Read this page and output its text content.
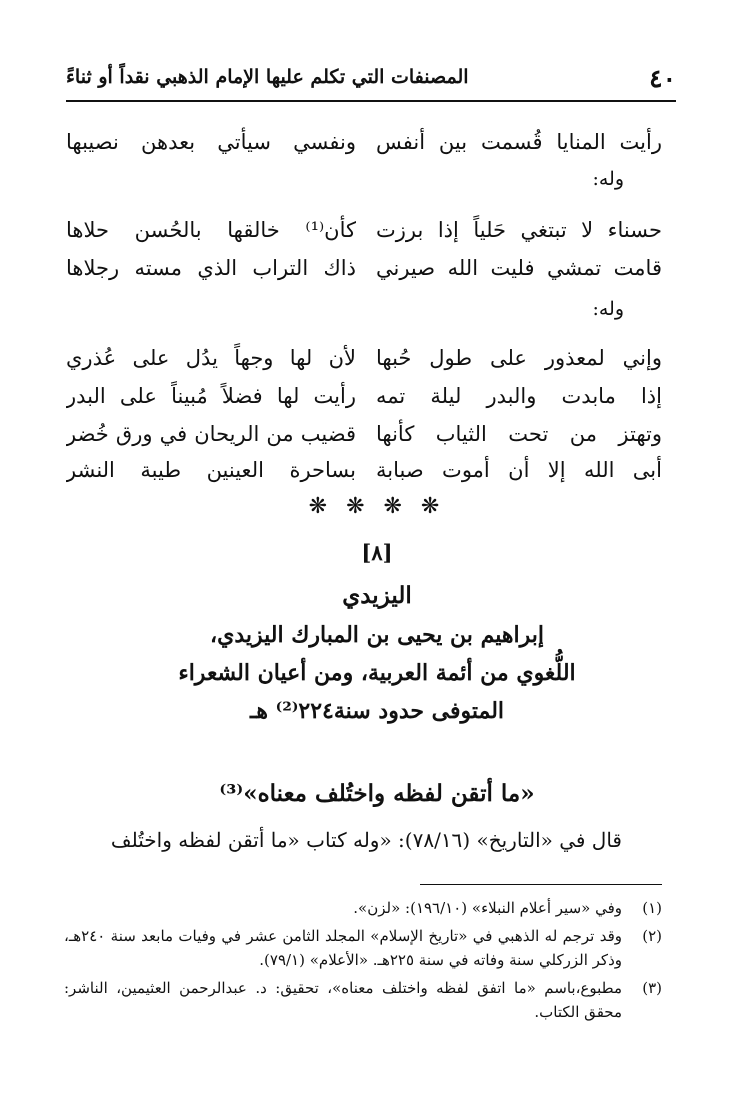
٤٠
المصنفات التي تكلم عليها الإمام الذهبي نقداً أو ثناءً
رأيت المنايا قُسمت بين أنفس
ونفسي سيأتي بعدهن نصيبها
وله:
حسناء لا تبتغي حَلياً إذا برزت
كأن⁽¹⁾ خالقها بالحُسن حلاها
قامت تمشي فليت الله صيرني
ذاك التراب الذي مسته رجلاها
وله:
وإني لمعذور على طول حُبها
لأن لها وجهاً يدُل على عُذري
إذا مابدت والبدر ليلة تمه
رأيت لها فضلاً مُبيناً على البدر
وتهتز من تحت الثياب كأنها
قضيب من الريحان في ورق خُضر
أبى الله إلا أن أموت صبابة
بساحرة العينين طيبة النشر
❋ ❋ ❋ ❋
[٨]
اليزيدي
إبراهيم بن يحيى بن المبارك اليزيدي،
اللُّغوي من أئمة العربية، ومن أعيان الشعراء
المتوفى حدود سنة٢٢٤⁽²⁾ هـ
«ما أتقن لفظه واختُلف معناه»⁽³⁾
قال في «التاريخ» (٧٨/١٦): «وله كتاب «ما أتقن لفظه واختُلف
(١)
وفي «سير أعلام النبلاء» (١٩٦/١٠): «لزن».
(٢)
وقد ترجم له الذهبي في «تاريخ الإسلام» المجلد الثامن عشر في وفيات مابعد سنة ٢٤٠هـ، وذكر الزركلي سنة وفاته في سنة ٢٢٥هـ. «الأعلام» (٧٩/١).
(٣)
مطبوع،باسم «ما اتفق لفظه واختلف معناه»، تحقيق: د. عبدالرحمن العثيمين، الناشر: محقق الكتاب.
